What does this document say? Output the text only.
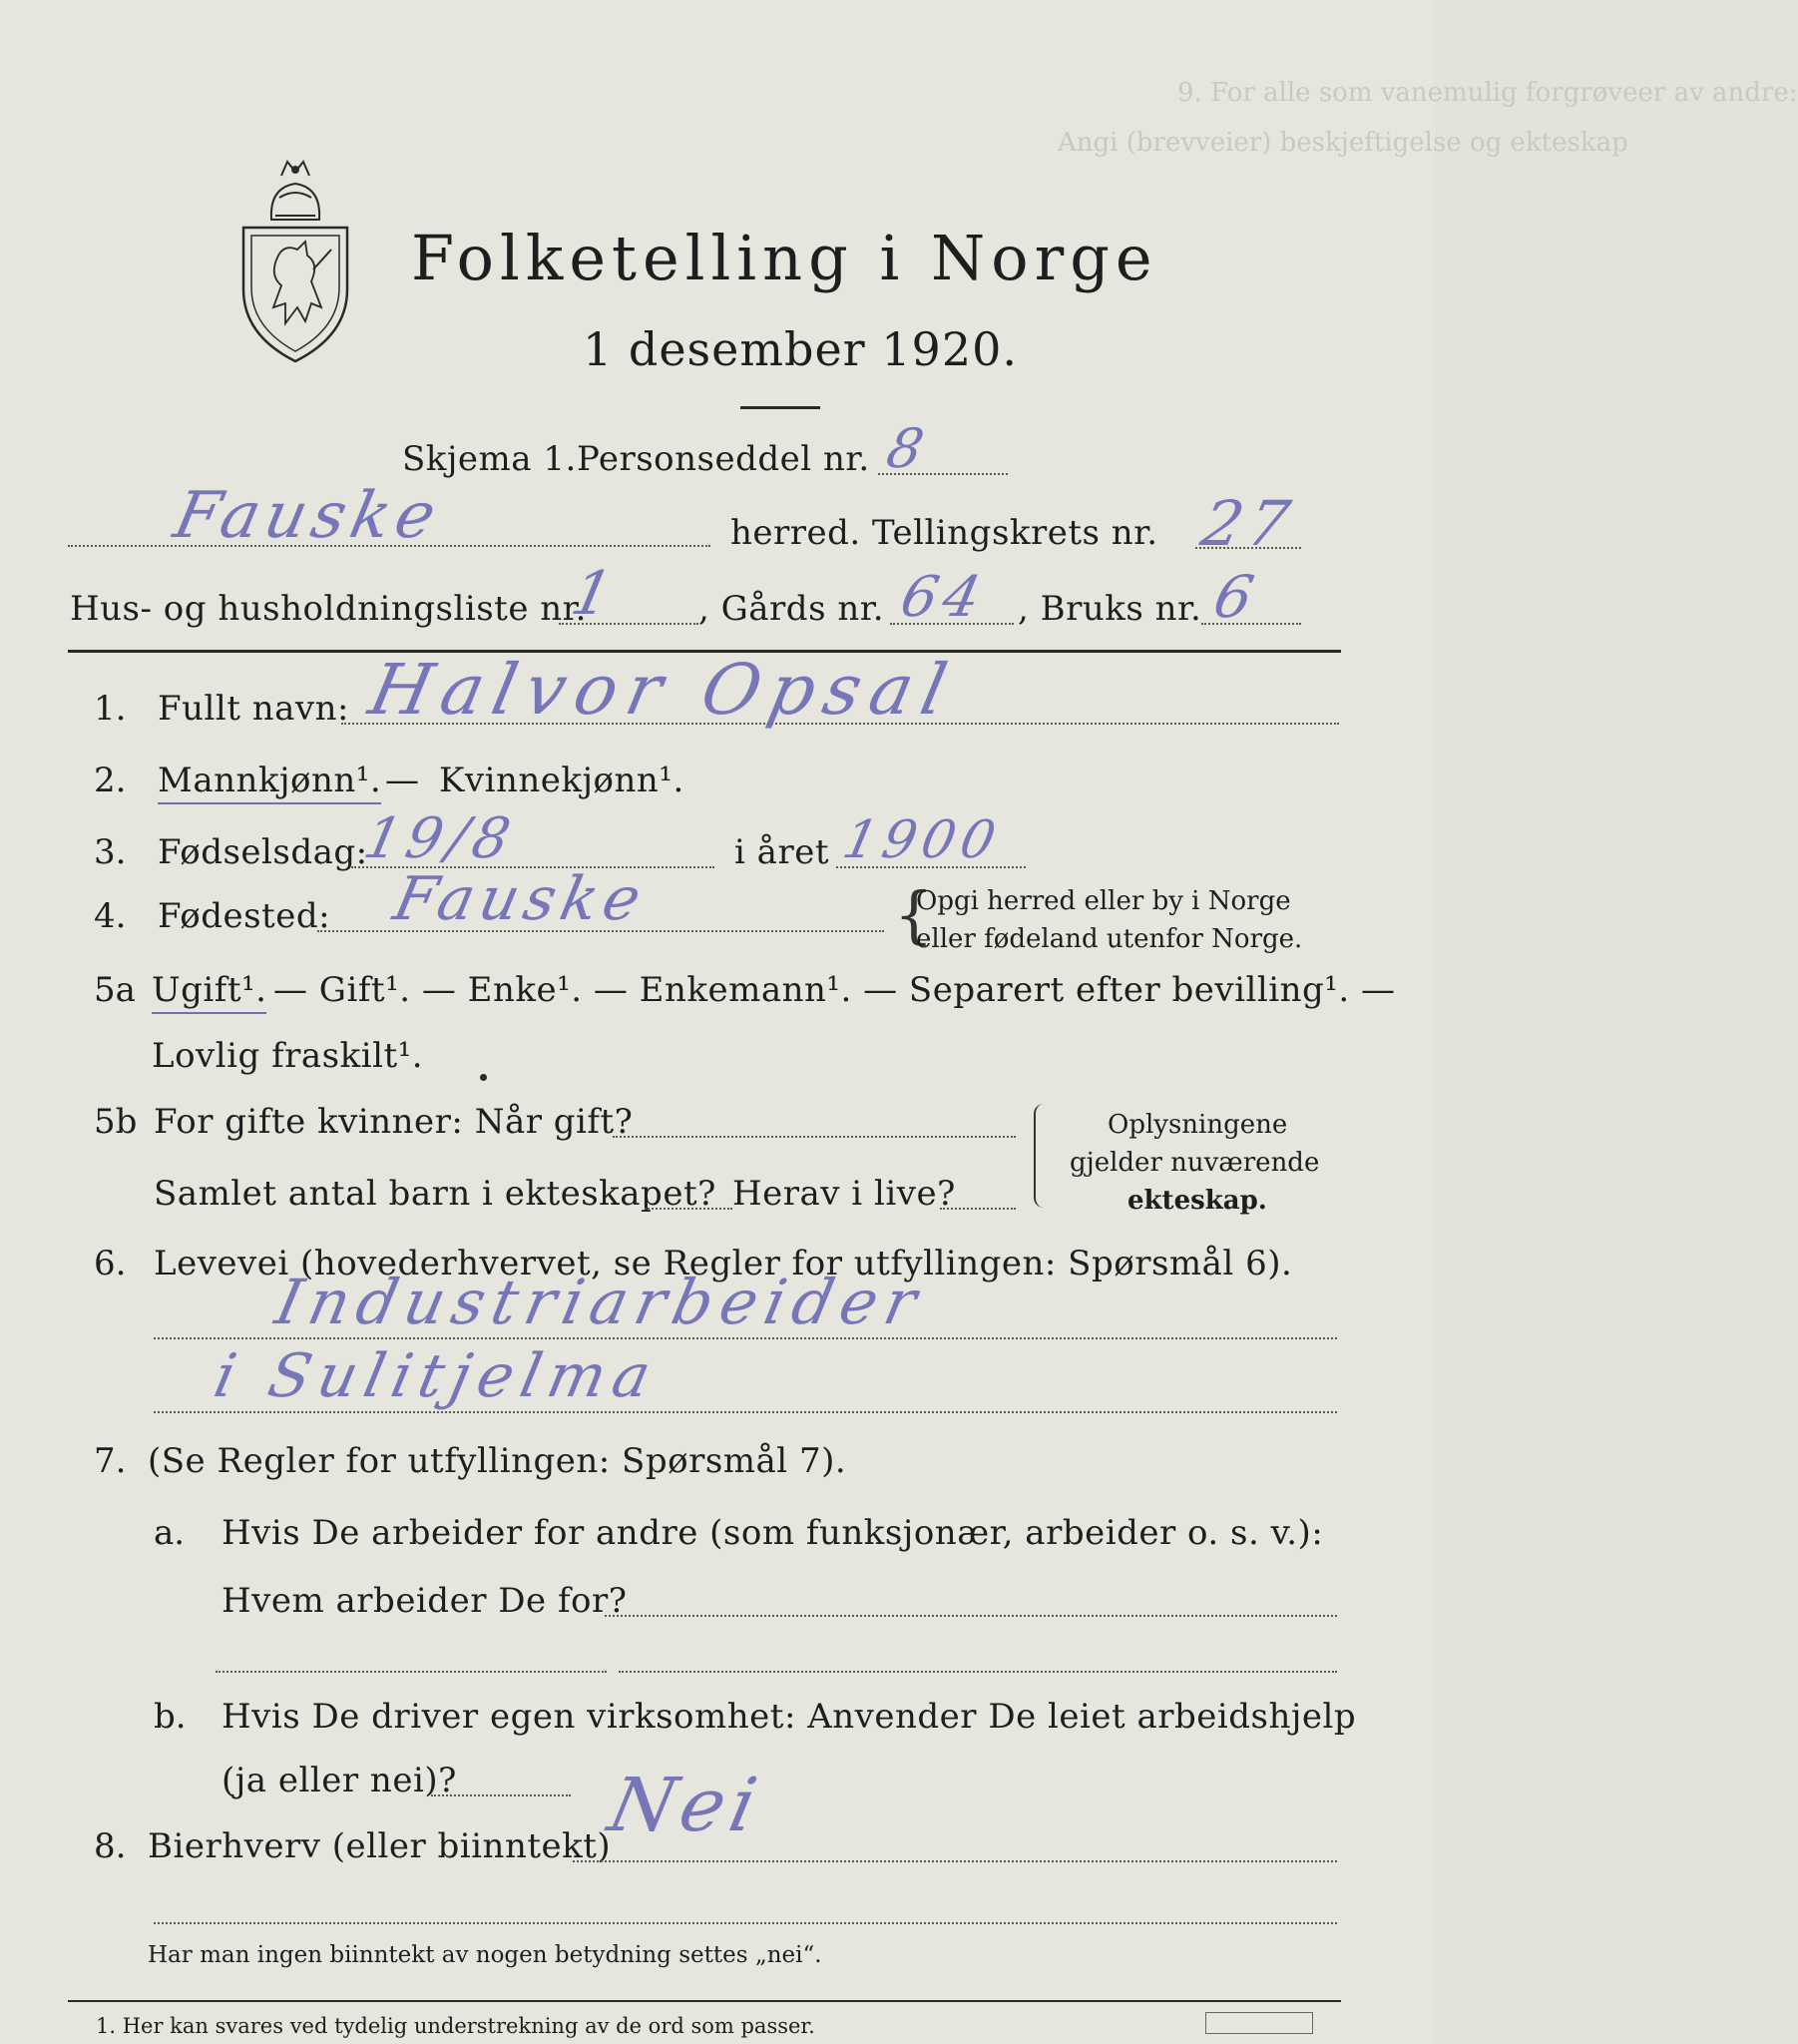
9. For alle som vanemulig forgrøveer av andre:
Angi (brevveier) beskjeftigelse og ekteskap
Folketelling i Norge
1 desember 1920.
Skjema 1. Personseddel nr. 8
Fauske	herred. Tellingskrets nr. 27
Hus- og husholdningsliste nr.
1 , Gårds nr. 64 , Bruks nr. 6
1. Fullt navn: Halvor Opsal
2. Mannkjønn¹. — Kvinnekjønn¹.
3. Fødselsdag:
19/8	i året 1900
4. Fødested: Fauske	{
Opgi herred eller by i Norge
eller fødeland utenfor Norge.
5a Ugift¹. — Gift¹. — Enke¹. — Enkemann¹. — Separert efter bevilling¹. —
Lovlig fraskilt¹.
5b For gifte kvinner: Når gift?
Samlet antal barn i ekteskapet? Herav i live?
Oplysningene
gjelder nuværende
ekteskap.
6. Levevei (hovederhvervet, se Regler for utfyllingen: Spørsmål 6).
Industriarbeider
i Sulitjelma
7. (Se Regler for utfyllingen: Spørsmål 7).
a. Hvis De arbeider for andre (som funksjonær, arbeider o. s. v.):
Hvem arbeider De for?
b. Hvis De driver egen virksomhet: Anvender De leiet arbeidshjelp
(ja eller nei)?
8. Bierhverv (eller biinntekt)
Nei
Har man ingen biinntekt av nogen betydning settes „nei“.
1. Her kan svares ved tydelig understrekning av de ord som passer.
